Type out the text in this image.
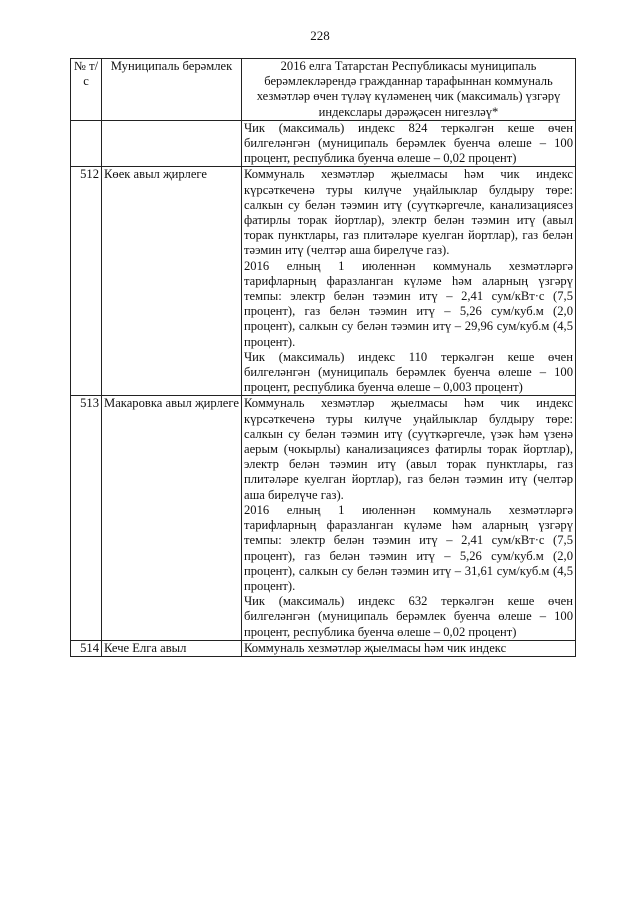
228
№ т/с	Муниципаль берәмлек	2016 елга Татарстан Республикасы муниципаль берәмлекләрендә гражданнар тарафыннан коммуналь хезмәтләр өчен түләү күләменең чик (максималь) үзгәрү индекслары дәрәҗәсен нигезләү*

		Чик (максималь) индекс 824 теркәлгән кеше өчен билгеләнгән (муниципаль берәмлек буенча өлеше – 100 процент, республика буенча өлеше – 0,02 процент)

512	Көек авыл җирлеге	Коммуналь хезмәтләр җыелмасы һәм чик индекс күрсәткеченә туры килүче уңайлыклар булдыру төре: салкын су белән тәэмин итү (суүткәргечле, канализациясез фатирлы торак йортлар), электр белән тәэмин итү (авыл торак пунктлары, газ плитәләре куелган йортлар), газ белән тәэмин итү (челтәр аша бирелүче газ).
2016 елның 1 июленнән коммуналь хезмәтләргә тарифларның фаразланган күләме һәм аларның үзгәрү темпы: электр белән тәэмин итү – 2,41 сум/кВт·с (7,5 процент), газ белән тәэмин итү – 5,26 сум/куб.м (2,0 процент), салкын су белән тәэмин итү – 29,96 сум/куб.м (4,5 процент).
Чик (максималь) индекс 110 теркәлгән кеше өчен билгеләнгән (муниципаль берәмлек буенча өлеше – 100 процент, республика буенча өлеше – 0,003 процент)

513	Макаровка авыл җирлеге	Коммуналь хезмәтләр җыелмасы һәм чик индекс күрсәткеченә туры килүче уңайлыклар булдыру төре: салкын су белән тәэмин итү (суүткәргечле, үзәк һәм үзенә аерым (чокырлы) канализациясез фатирлы торак йортлар), электр белән тәэмин итү (авыл торак пунктлары, газ плитәләре куелган йортлар), газ белән тәэмин итү (челтәр аша бирелүче газ).
2016 елның 1 июленнән коммуналь хезмәтләргә тарифларның фаразланган күләме һәм аларның үзгәрү темпы: электр белән тәэмин итү – 2,41 сум/кВт·с (7,5 процент), газ белән тәэмин итү – 5,26 сум/куб.м (2,0 процент), салкын су белән тәэмин итү – 31,61 сум/куб.м (4,5 процент).
Чик (максималь) индекс 632 теркәлгән кеше өчен билгеләнгән (муниципаль берәмлек буенча өлеше – 100 процент, республика буенча өлеше – 0,02 процент)

514	Кече Елга авыл	Коммуналь хезмәтләр җыелмасы һәм чик индекс
